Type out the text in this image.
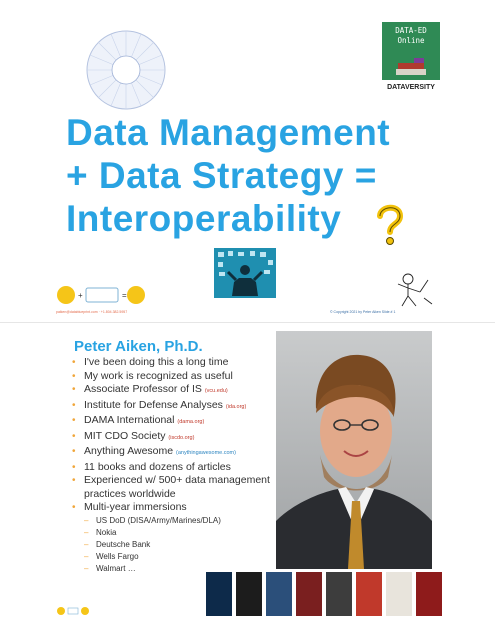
DATA-ED
Online
DATAVERSITY
Data Management
+ Data Strategy =
Interoperability
+	=
paiken@datablueprint.com · +1.804.382.5957	© Copyright 2021 by Peter Aiken Slide # 1
Peter Aiken, Ph.D.
• I've been doing this a long time
• My work is recognized as useful
• Associate Professor of IS (vcu.edu)
• Institute for Defense Analyses (ida.org)
• DAMA International (dama.org)
• MIT CDO Society (iscdo.org)
• Anything Awesome (anythingawesome.com)
• 11 books and dozens of articles
• Experienced w/ 500+ data management practices worldwide
• Multi-year immersions
– US DoD (DISA/Army/Marines/DLA)
– Nokia
– Deutsche Bank
– Wells Fargo
– Walmart …
